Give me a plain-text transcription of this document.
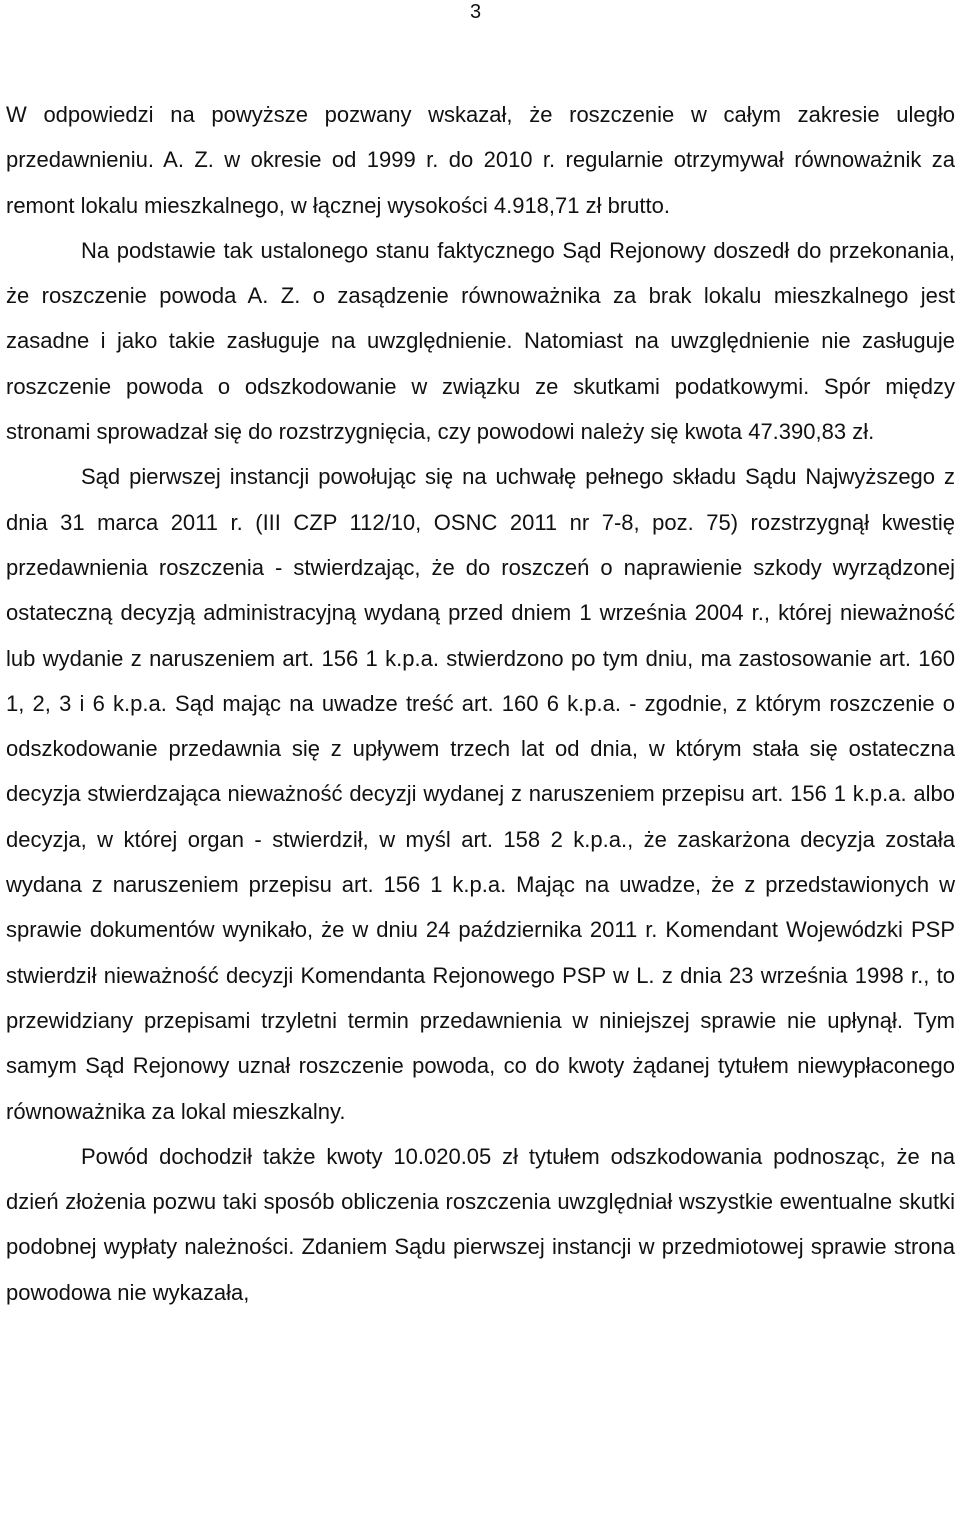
3

W odpowiedzi na powyższe pozwany wskazał, że roszczenie w całym zakresie uległo przedawnieniu. A. Z. w okresie od 1999 r. do 2010 r. regularnie otrzymywał równoważnik za remont lokalu mieszkalnego, w łącznej wysokości 4.918,71 zł brutto.

Na podstawie tak ustalonego stanu faktycznego Sąd Rejonowy doszedł do przekonania, że roszczenie powoda A. Z. o zasądzenie równoważnika za brak lokalu mieszkalnego jest zasadne i jako takie zasługuje na uwzględnienie. Natomiast na uwzględnienie nie zasługuje roszczenie powoda o odszkodowanie w związku ze skutkami podatkowymi. Spór między stronami sprowadzał się do rozstrzygnięcia, czy powodowi należy się kwota 47.390,83 zł.

Sąd pierwszej instancji powołując się na uchwałę pełnego składu Sądu Najwyższego z dnia 31 marca 2011 r. (III CZP 112/10, OSNC 2011 nr 7-8, poz. 75) rozstrzygnął kwestię przedawnienia roszczenia - stwierdzając, że do roszczeń o naprawienie szkody wyrządzonej ostateczną decyzją administracyjną wydaną przed dniem 1 września 2004 r., której nieważność lub wydanie z naruszeniem art. 156 1 k.p.a. stwierdzono po tym dniu, ma zastosowanie art. 160 1, 2, 3 i 6 k.p.a. Sąd mając na uwadze treść art. 160 6 k.p.a. - zgodnie, z którym roszczenie o odszkodowanie przedawnia się z upływem trzech lat od dnia, w którym stała się ostateczna decyzja stwierdzająca nieważność decyzji wydanej z naruszeniem przepisu art. 156 1 k.p.a. albo decyzja, w której organ - stwierdził, w myśl art. 158 2 k.p.a., że zaskarżona decyzja została wydana z naruszeniem przepisu art. 156 1 k.p.a. Mając na uwadze, że z przedstawionych w sprawie dokumentów wynikało, że w dniu 24 października 2011 r. Komendant Wojewódzki PSP stwierdził nieważność decyzji Komendanta Rejonowego PSP w L. z dnia 23 września 1998 r., to przewidziany przepisami trzyletni termin przedawnienia w niniejszej sprawie nie upłynął. Tym samym Sąd Rejonowy uznał roszczenie powoda, co do kwoty żądanej tytułem niewypłaconego równoważnika za lokal mieszkalny.

Powód dochodził także kwoty 10.020.05 zł tytułem odszkodowania podnosząc, że na dzień złożenia pozwu taki sposób obliczenia roszczenia uwzględniał wszystkie ewentualne skutki podobnej wypłaty należności. Zdaniem Sądu pierwszej instancji w przedmiotowej sprawie strona powodowa nie wykazała,
